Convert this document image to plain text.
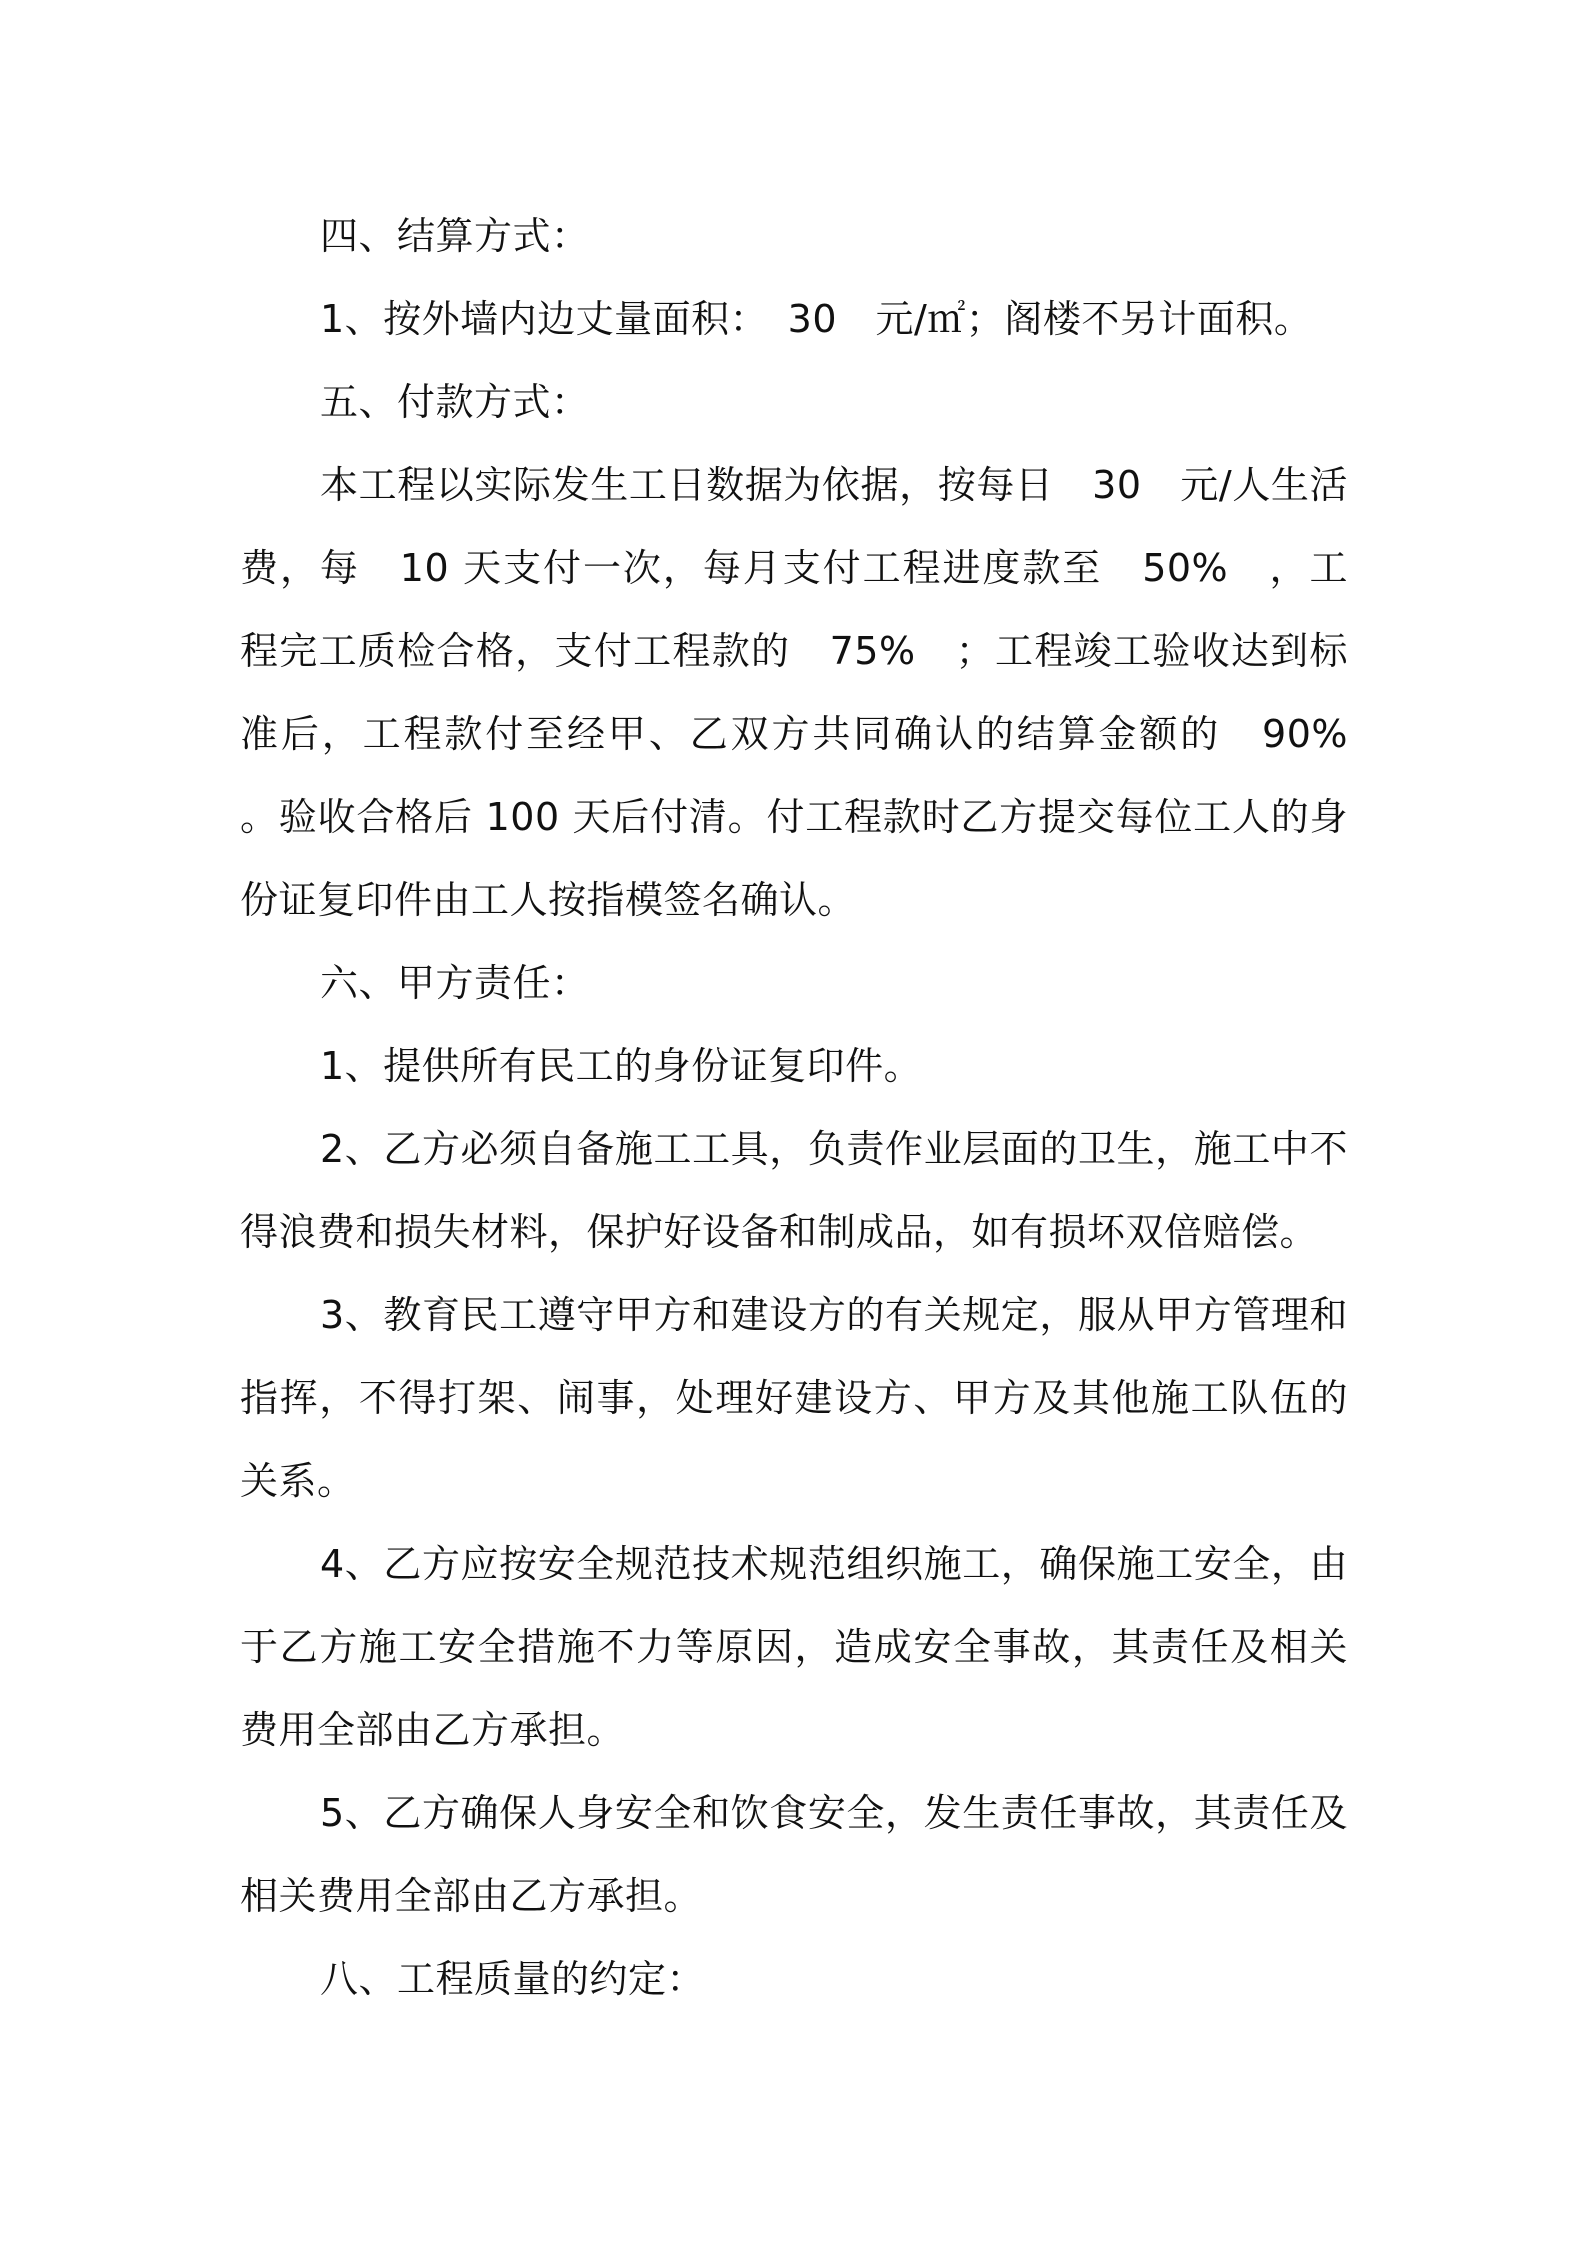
四、结算方式：

1、按外墙内边丈量面积：　30　元/㎡；阁楼不另计面积。

五、付款方式：

本工程以实际发生工日数据为依据，按每日　30　元/人生活费，每　10 天支付一次，每月支付工程进度款至　50%　，工程完工质检合格，支付工程款的　75%　；工程竣工验收达到标准后，工程款付至经甲、乙双方共同确认的结算金额的　90%　。验收合格后 100 天后付清。付工程款时乙方提交每位工人的身份证复印件由工人按指模签名确认。

六、甲方责任：

1、提供所有民工的身份证复印件。

2、乙方必须自备施工工具，负责作业层面的卫生，施工中不得浪费和损失材料，保护好设备和制成品，如有损坏双倍赔偿。

3、教育民工遵守甲方和建设方的有关规定，服从甲方管理和指挥，不得打架、闹事，处理好建设方、甲方及其他施工队伍的关系。

4、乙方应按安全规范技术规范组织施工，确保施工安全，由于乙方施工安全措施不力等原因，造成安全事故，其责任及相关费用全部由乙方承担。

5、乙方确保人身安全和饮食安全，发生责任事故，其责任及相关费用全部由乙方承担。

八、工程质量的约定：
